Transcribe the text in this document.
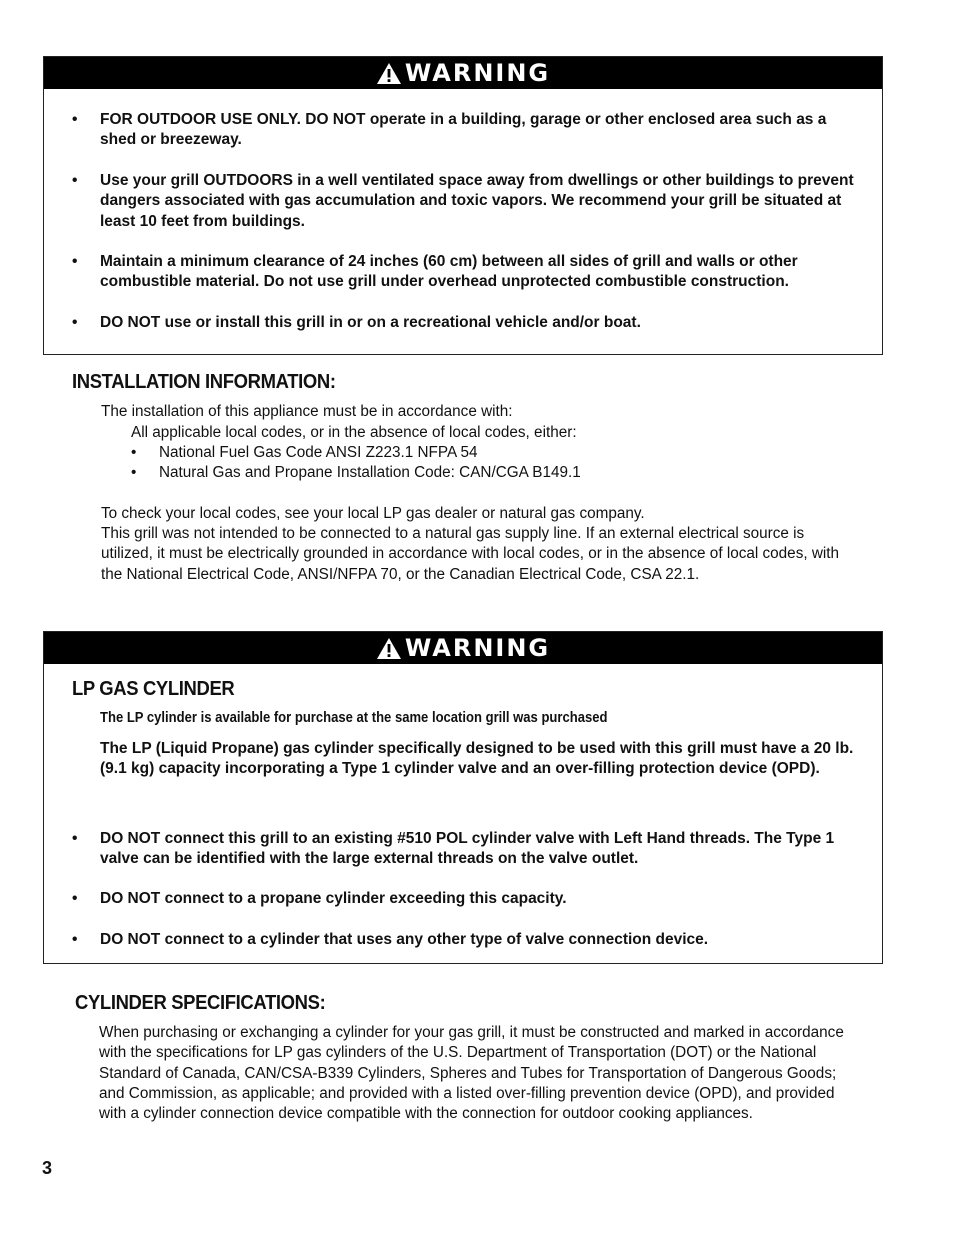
WARNING
• FOR OUTDOOR USE ONLY. DO NOT operate in a building, garage or other enclosed area such as a shed or breezeway.
• Use your grill OUTDOORS in a well ventilated space away from dwellings or other buildings to prevent dangers associated with gas accumulation and toxic vapors. We recommend your grill be situated at least 10 feet from buildings.
• Maintain a minimum clearance of 24 inches (60 cm) between all sides of grill and walls or other combustible material. Do not use grill under overhead unprotected combustible construction.
• DO NOT use or install this grill in or on a recreational vehicle and/or boat.
INSTALLATION INFORMATION:
The installation of this appliance must be in accordance with:
All applicable local codes, or in the absence of local codes, either:
• National Fuel Gas Code ANSI Z223.1 NFPA 54
• Natural Gas and Propane Installation Code: CAN/CGA B149.1
To check your local codes, see your local LP gas dealer or natural gas company.
This grill was not intended to be connected to a natural gas supply line. If an external electrical source is utilized, it must be electrically grounded in accordance with local codes, or in the absence of local codes, with the National Electrical Code, ANSI/NFPA 70, or the Canadian Electrical Code, CSA 22.1.
WARNING
LP GAS CYLINDER
The LP cylinder is available for purchase at the same location grill was purchased
The LP (Liquid Propane) gas cylinder specifically designed to be used with this grill must have a 20 lb. (9.1 kg) capacity incorporating a Type 1 cylinder valve and an over-filling protection device (OPD).
• DO NOT connect this grill to an existing #510 POL cylinder valve with Left Hand threads. The Type 1 valve can be identified with the large external threads on the valve outlet.
• DO NOT connect to a propane cylinder exceeding this capacity.
• DO NOT connect to a cylinder that uses any other type of valve connection device.
CYLINDER SPECIFICATIONS:
When purchasing or exchanging a cylinder for your gas grill, it must be constructed and marked in accordance with the specifications for LP gas cylinders of the U.S. Department of Transportation (DOT) or the National Standard of Canada, CAN/CSA-B339 Cylinders, Spheres and Tubes for Transportation of Dangerous Goods; and Commission, as applicable; and provided with a listed over-filling prevention device (OPD), and provided with a cylinder connection device compatible with the connection for outdoor cooking appliances.
3
